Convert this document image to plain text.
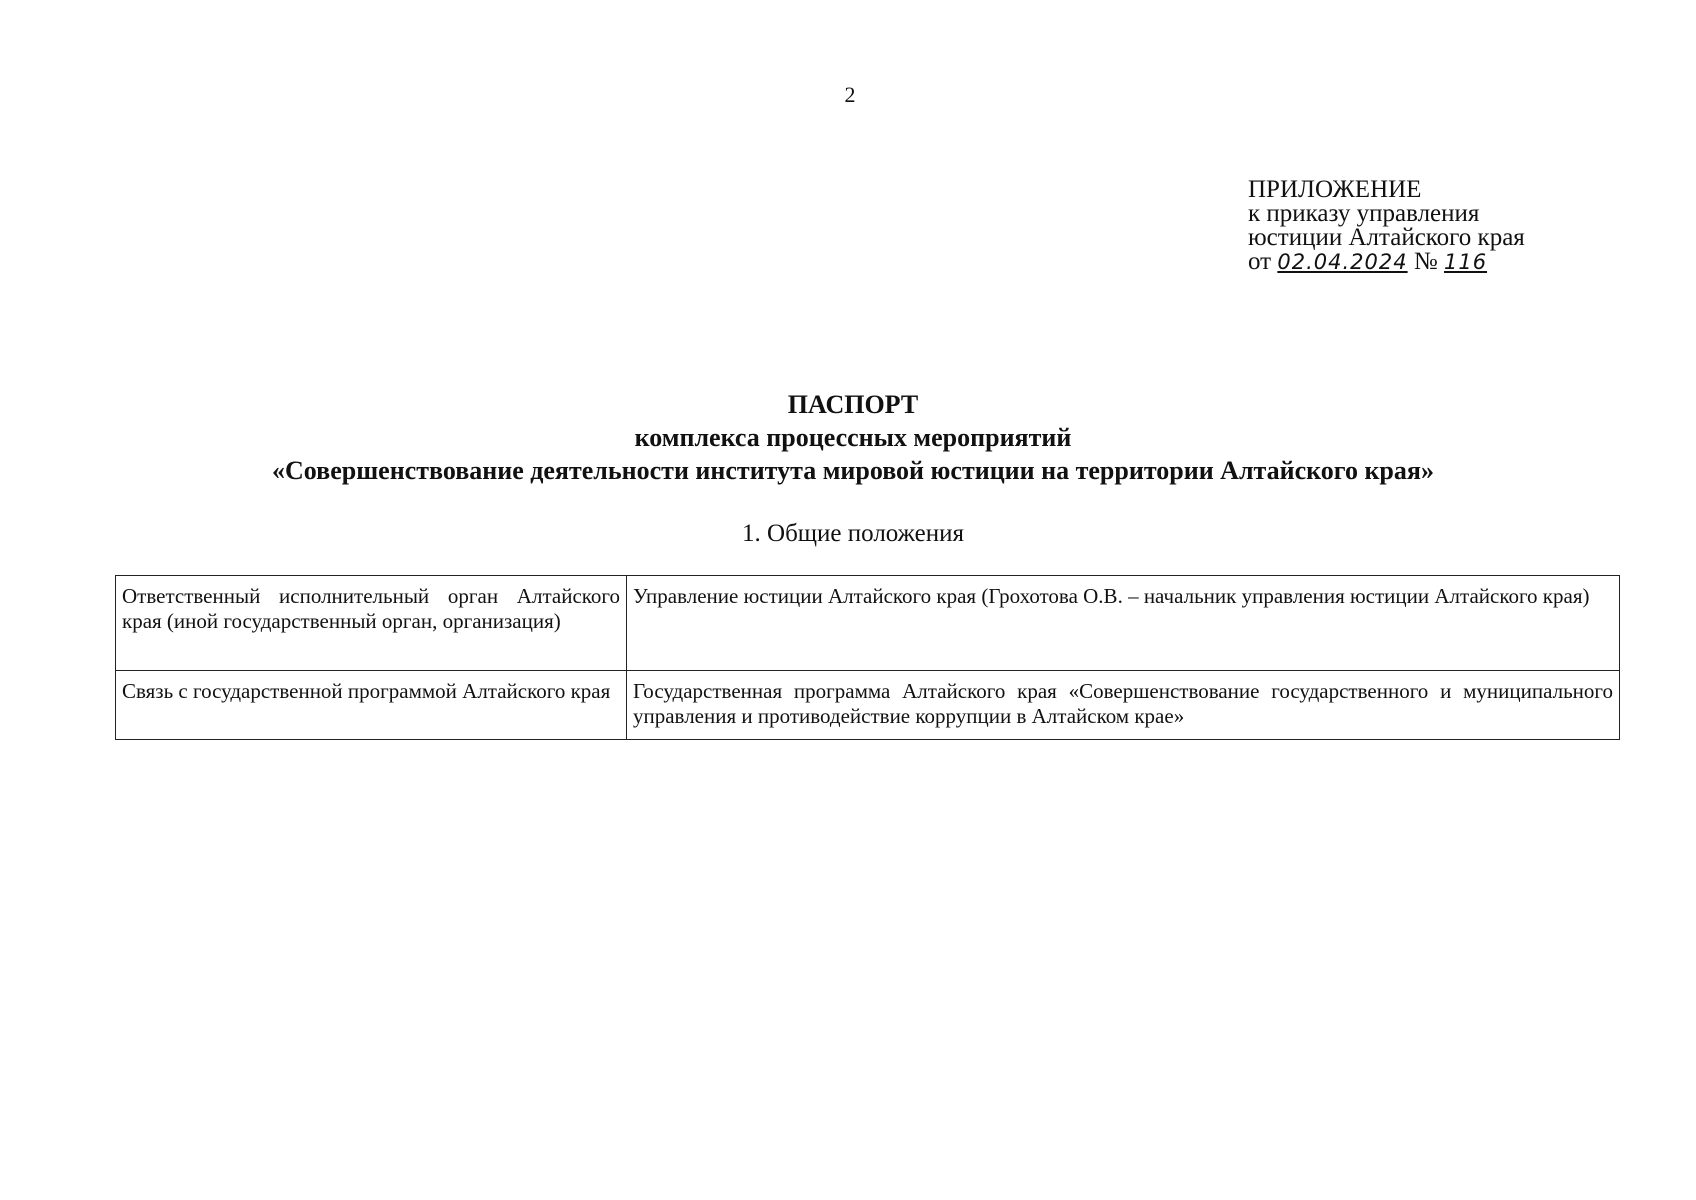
2
ПРИЛОЖЕНИЕ
к приказу управления
юстиции Алтайского края
от 02.04.2024 № 116
ПАСПОРТ
комплекса процессных мероприятий
«Совершенствование деятельности института мировой юстиции на территории Алтайского края»
1. Общие положения
Ответственный исполнительный орган Алтайского края (иной государственный орган, организация)	Управление юстиции Алтайского края (Грохотова О.В. – начальник управления юстиции Алтайского края)
Связь с государственной программой Алтайского края	Государственная программа Алтайского края «Совершенствование государственного и муниципального управления и противодействие коррупции в Алтайском крае»
